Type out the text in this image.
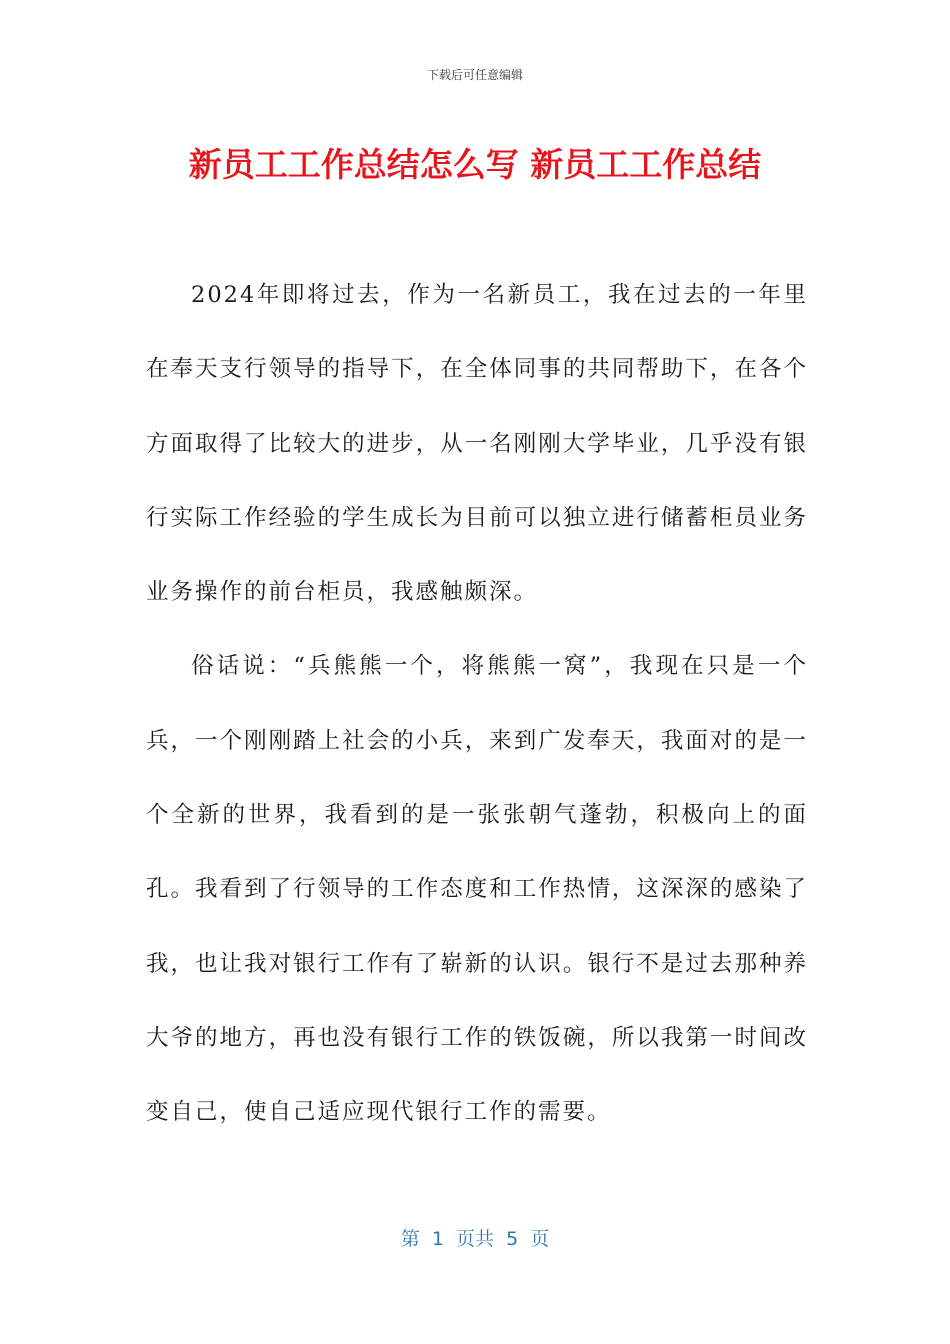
下载后可任意编辑
新员工工作总结怎么写 新员工工作总结

2024年即将过去，作为一名新员工，我在过去的一年里在奉天支行领导的指导下，在全体同事的共同帮助下，在各个方面取得了比较大的进步，从一名刚刚大学毕业，几乎没有银行实际工作经验的学生成长为目前可以独立进行储蓄柜员业务业务操作的前台柜员，我感触颇深。

俗话说：“兵熊熊一个，将熊熊一窝”，我现在只是一个兵，一个刚刚踏上社会的小兵，来到广发奉天，我面对的是一个全新的世界，我看到的是一张张朝气蓬勃，积极向上的面孔。我看到了行领导的工作态度和工作热情，这深深的感染了我，也让我对银行工作有了崭新的认识。银行不是过去那种养大爷的地方，再也没有银行工作的铁饭碗，所以我第一时间改变自己，使自己适应现代银行工作的需要。

第  1  页共  5  页
